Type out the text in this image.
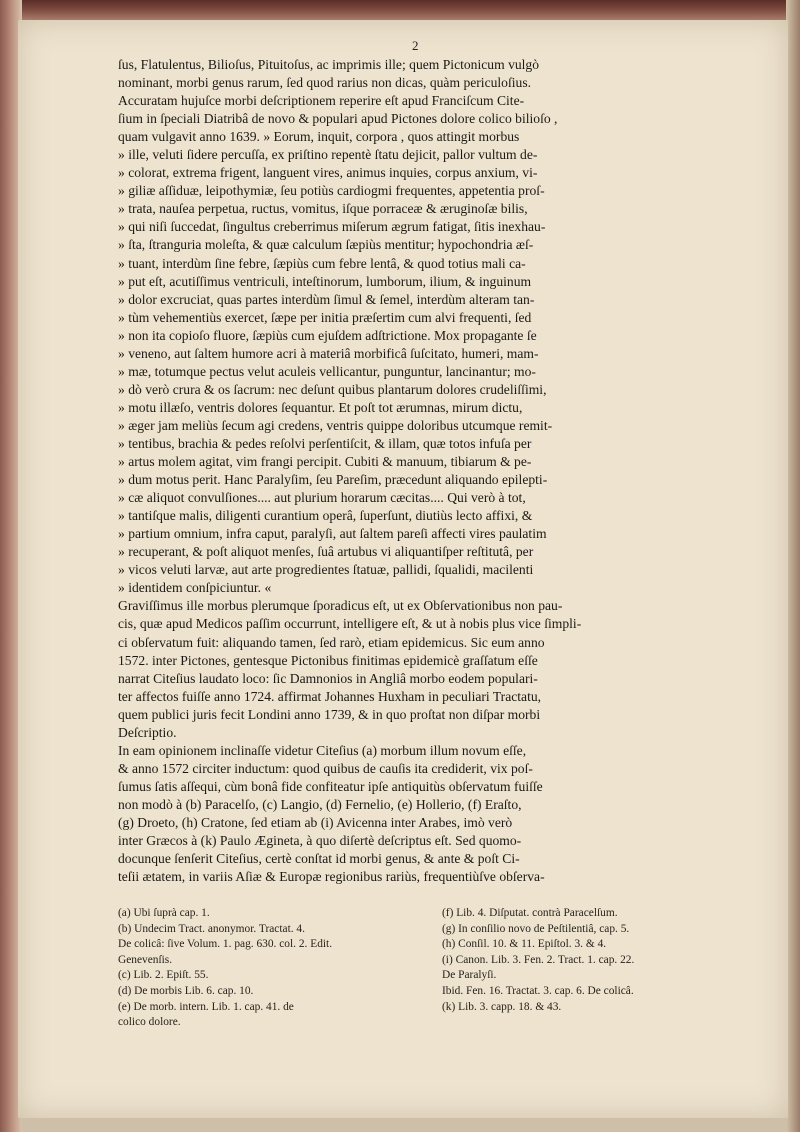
2
ſus, Flatulentus, Bilioſus, Pituitoſus, ac imprimis ille; quem Pictonicum vulgò
nominant, morbi genus rarum, ſed quod rarius non dicas, quàm periculoſius.
Accuratam hujuſce morbi deſcriptionem reperire eſt apud Franciſcum Cite-
ſium in ſpeciali Diatribâ de novo & populari apud Pictones dolore colico bilioſo ,
quam vulgavit anno 1639. » Eorum, inquit, corpora , quos attingit morbus
» ille, veluti ſidere percuſſa, ex priſtino repentè ſtatu dejicit, pallor vultum de-
» colorat, extrema frigent, languent vires, animus inquies, corpus anxium, vi-
» giliæ aſſiduæ, leipothymiæ, ſeu potiùs cardiogmi frequentes, appetentia proſ-
» trata, nauſea perpetua, ructus, vomitus, iſque porraceæ & æruginoſæ bilis,
» qui niſi ſuccedat, ſingultus creberrimus miſerum ægrum fatigat, ſitis inexhau-
» ſta, ſtranguria moleſta, & quæ calculum ſæpiùs mentitur; hypochondria æſ-
» tuant, interdùm ſine febre, ſæpiùs cum febre lentâ, & quod totius mali ca-
» put eſt, acutiſſimus ventriculi, inteſtinorum, lumborum, ilium, & inguinum
» dolor excruciat, quas partes interdùm ſimul & ſemel, interdùm alteram tan-
» tùm vehementiùs exercet, ſæpe per initia præſertim cum alvi frequenti, ſed
» non ita copioſo fluore, ſæpiùs cum ejuſdem adſtrictione. Mox propagante ſe
» veneno, aut ſaltem humore acri à materiâ morbificâ ſuſcitato, humeri, mam-
» mæ, totumque pectus velut aculeis vellicantur, punguntur, lancinantur; mo-
» dò verò crura & os ſacrum: nec deſunt quibus plantarum dolores crudeliſſimi,
» motu illæſo, ventris dolores ſequantur. Et poſt tot ærumnas, mirum dictu,
» æger jam meliùs ſecum agi credens, ventris quippe doloribus utcumque remit-
» tentibus, brachia & pedes reſolvi perſentiſcit, & illam, quæ totos infuſa per
» artus molem agitat, vim frangi percipit. Cubiti & manuum, tibiarum & pe-
» dum motus perit. Hanc Paralyſim, ſeu Pareſim, præcedunt aliquando epilepti-
» cæ aliquot convulſiones.... aut plurium horarum cæcitas.... Qui verò à tot,
» tantiſque malis, diligenti curantium operâ, ſuperſunt, diutiùs lecto affixi, &
» partium omnium, infra caput, paralyſi, aut ſaltem pareſi affecti vires paulatim
» recuperant, & poſt aliquot menſes, ſuâ artubus vi aliquantiſper reſtitutâ, per
» vicos veluti larvæ, aut arte progredientes ſtatuæ, pallidi, ſqualidi, macilenti
» identidem conſpiciuntur. «
Graviſſimus ille morbus plerumque ſporadicus eſt, ut ex Obſervationibus non pau-
cis, quæ apud Medicos paſſim occurrunt, intelligere eſt, & ut à nobis plus vice ſimpli-
ci obſervatum fuit: aliquando tamen, ſed rarò, etiam epidemicus. Sic eum anno
1572. inter Pictones, gentesque Pictonibus finitimas epidemicè graſſatum eſſe
narrat Citeſius laudato loco: ſic Damnonios in Angliâ morbo eodem populari-
ter affectos fuiſſe anno 1724. affirmat Johannes Huxham in peculiari Tractatu,
quem publici juris fecit Londini anno 1739, & in quo proſtat non diſpar morbi
Deſcriptio.
In eam opinionem inclinaſſe videtur Citeſius (a) morbum illum novum eſſe,
& anno 1572 circiter inductum: quod quibus de cauſis ita crediderit, vix poſ-
ſumus ſatis aſſequi, cùm bonâ fide confiteatur ipſe antiquitùs obſervatum fuiſſe
non modò à (b) Paracelſo, (c) Langio, (d) Fernelio, (e) Hollerio, (f) Eraſto,
(g) Droeto, (h) Cratone, ſed etiam ab (i) Avicenna inter Arabes, imò verò
inter Græcos à (k) Paulo Ægineta, à quo diſertè deſcriptus eſt. Sed quomo-
docunque ſenſerit Citeſius, certè conſtat id morbi genus, & ante & poſt Ci-
teſii ætatem, in variis Aſiæ & Europæ regionibus rariùs, frequentiùſve obſerva-
(a) Ubi ſuprà cap. 1.
(b) Undecim Tract. anonymor. Tractat. 4.
De colicâ: ſive Volum. 1. pag. 630. col. 2. Edit.
Genevenſis.
(c) Lib. 2. Epiſt. 55.
(d) De morbis Lib. 6. cap. 10.
(e) De morb. intern. Lib. 1. cap. 41. de
colico dolore.
(f) Lib. 4. Diſputat. contrà Paracelſum.
(g) In conſilio novo de Peſtilentiâ, cap. 5.
(h) Conſil. 10. & 11. Epiſtol. 3. & 4.
(i) Canon. Lib. 3. Fen. 2. Tract. 1. cap. 22.
De Paralyſi.
Ibid. Fen. 16. Tractat. 3. cap. 6. De colicâ.
(k) Lib. 3. capp. 18. & 43.
